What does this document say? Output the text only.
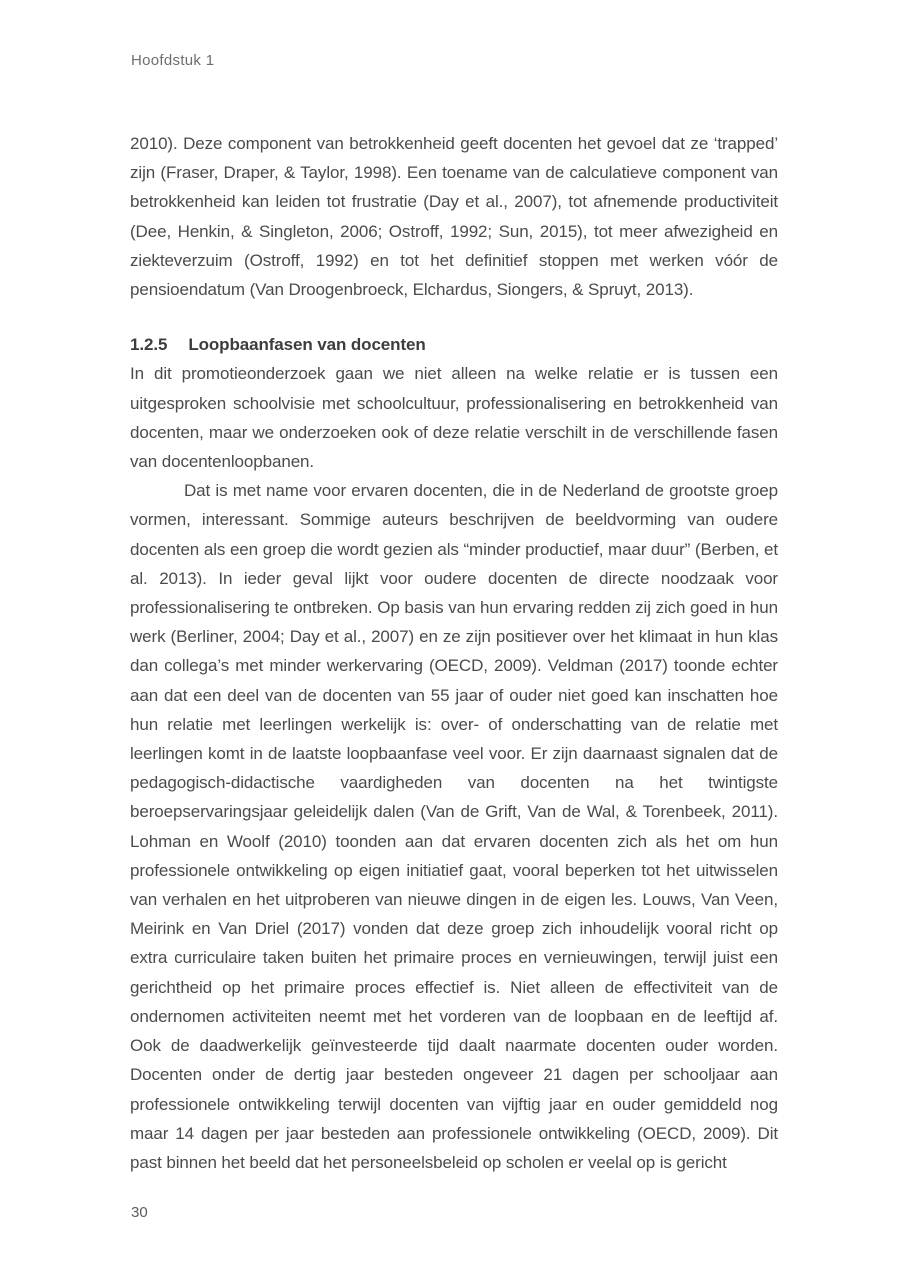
Hoofdstuk 1

2010). Deze component van betrokkenheid geeft docenten het gevoel dat ze ‘trapped’ zijn (Fraser, Draper, & Taylor, 1998). Een toename van de calculatieve component van betrokkenheid kan leiden tot frustratie (Day et al., 2007), tot afnemende productiviteit (Dee, Henkin, & Singleton, 2006; Ostroff, 1992; Sun, 2015), tot meer afwezigheid en ziekteverzuim (Ostroff, 1992) en tot het definitief stoppen met werken vóór de pensioendatum (Van Droogenbroeck, Elchardus, Siongers, & Spruyt, 2013).

1.2.5 Loopbaanfasen van docenten

In dit promotieonderzoek gaan we niet alleen na welke relatie er is tussen een uitgesproken schoolvisie met schoolcultuur, professionalisering en betrokkenheid van docenten, maar we onderzoeken ook of deze relatie verschilt in de verschillende fasen van docentenloopbanen.

Dat is met name voor ervaren docenten, die in de Nederland de grootste groep vormen, interessant. Sommige auteurs beschrijven de beeldvorming van oudere docenten als een groep die wordt gezien als “minder productief, maar duur” (Berben, et al. 2013). In ieder geval lijkt voor oudere docenten de directe noodzaak voor professionalisering te ontbreken. Op basis van hun ervaring redden zij zich goed in hun werk (Berliner, 2004; Day et al., 2007) en ze zijn positiever over het klimaat in hun klas dan collega’s met minder werkervaring (OECD, 2009). Veldman (2017) toonde echter aan dat een deel van de docenten van 55 jaar of ouder niet goed kan inschatten hoe hun relatie met leerlingen werkelijk is: over- of onderschatting van de relatie met leerlingen komt in de laatste loopbaanfase veel voor. Er zijn daarnaast signalen dat de pedagogisch-didactische vaardigheden van docenten na het twintigste beroepservaringsjaar geleidelijk dalen (Van de Grift, Van de Wal, & Torenbeek, 2011). Lohman en Woolf (2010) toonden aan dat ervaren docenten zich als het om hun professionele ontwikkeling op eigen initiatief gaat, vooral beperken tot het uitwisselen van verhalen en het uitproberen van nieuwe dingen in de eigen les. Louws, Van Veen, Meirink en Van Driel (2017) vonden dat deze groep zich inhoudelijk vooral richt op extra curriculaire taken buiten het primaire proces en vernieuwingen, terwijl juist een gerichtheid op het primaire proces effectief is. Niet alleen de effectiviteit van de ondernomen activiteiten neemt met het vorderen van de loopbaan en de leeftijd af. Ook de daadwerkelijk geïnvesteerde tijd daalt naarmate docenten ouder worden. Docenten onder de dertig jaar besteden ongeveer 21 dagen per schooljaar aan professionele ontwikkeling terwijl docenten van vijftig jaar en ouder gemiddeld nog maar 14 dagen per jaar besteden aan professionele ontwikkeling (OECD, 2009). Dit past binnen het beeld dat het personeelsbeleid op scholen er veelal op is gericht

30
